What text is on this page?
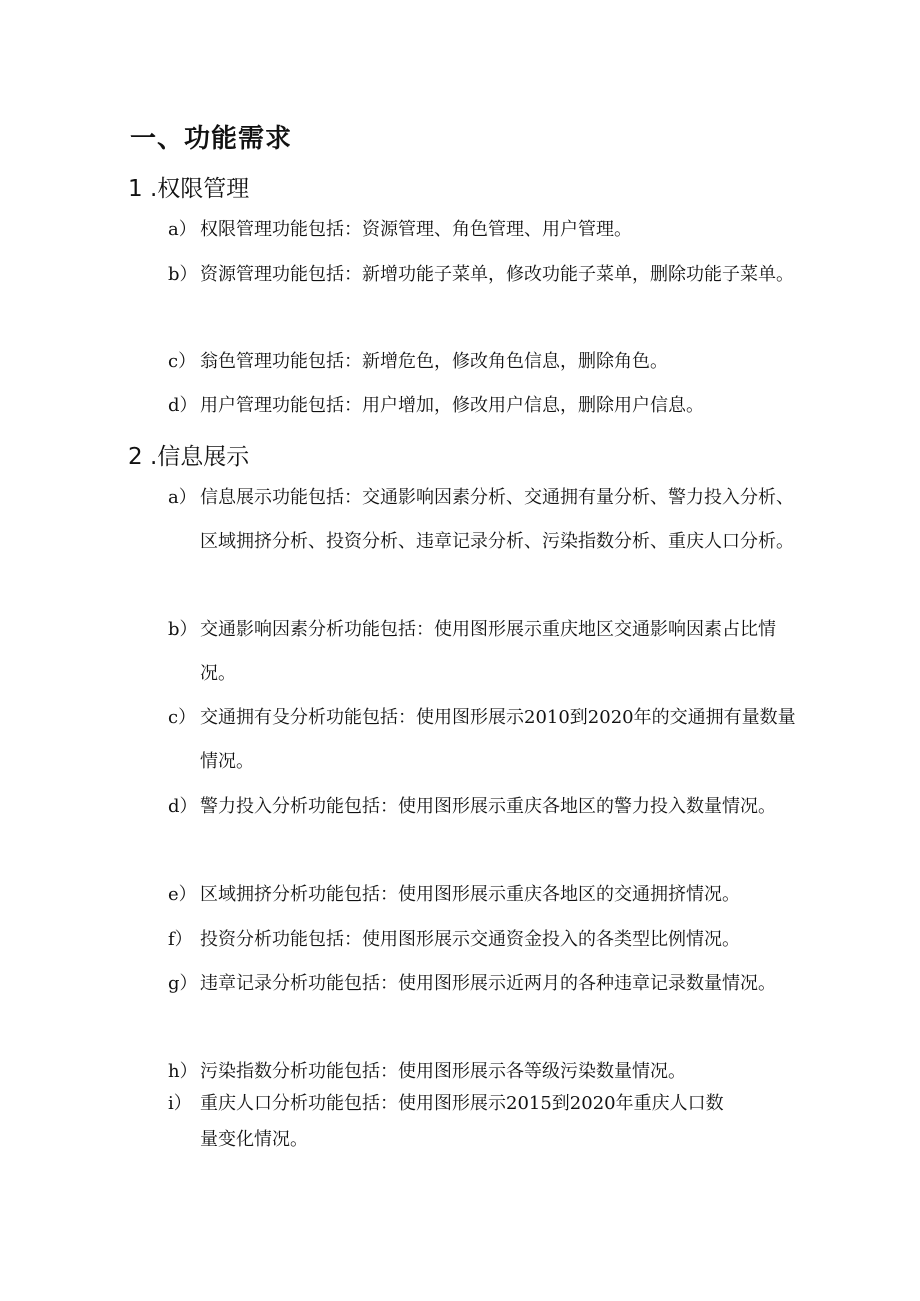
一、功能需求
1 .权限管理
a） 权限管理功能包括：资源管理、角色管理、用户管理。
b） 资源管理功能包括：新增功能子菜单，修改功能子菜单，删除功能子菜单。
c） 翁色管理功能包括：新增危色，修改角色信息，删除角色。
d） 用户管理功能包括：用户增加，修改用户信息，删除用户信息。
2 .信息展示
a） 信息展示功能包括：交通影响因素分析、交通拥有量分析、警力投入分析、区域拥挤分析、投资分析、违章记录分析、污染指数分析、重庆人口分析。
b） 交通影响因素分析功能包括：使用图形展示重庆地区交通影响因素占比情况。
c） 交通拥有殳分析功能包括：使用图形展示2010到2020年的交通拥有量数量情况。
d） 警力投入分析功能包括：使用图形展示重庆各地区的警力投入数量情况。
e） 区域拥挤分析功能包括：使用图形展示重庆各地区的交通拥挤情况。
f） 投资分析功能包括：使用图形展示交通资金投入的各类型比例情况。
g） 违章记录分析功能包括：使用图形展示近两月的各种违章记录数量情况。
h） 污染指数分析功能包括：使用图形展示各等级污染数量情况。
i） 重庆人口分析功能包括：使用图形展示2015到2020年重庆人口数量变化情况。
